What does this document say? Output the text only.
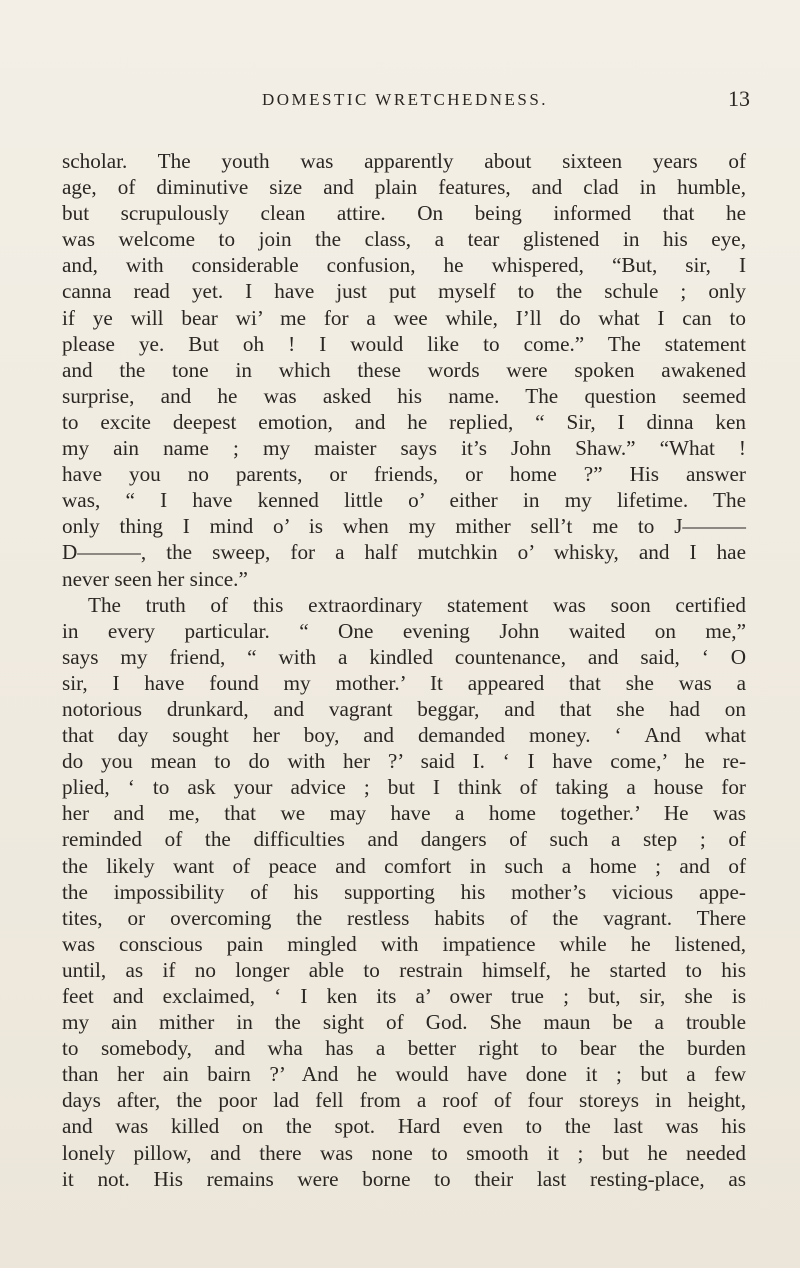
DOMESTIC WRETCHEDNESS.	13
scholar. The youth was apparently about sixteen years of
age, of diminutive size and plain features, and clad in humble,
but scrupulously clean attire. On being informed that he
was welcome to join the class, a tear glistened in his eye,
and, with considerable confusion, he whispered, “But, sir, I
canna read yet. I have just put myself to the schule ; only
if ye will bear wi’ me for a wee while, I’ll do what I can to
please ye. But oh ! I would like to come.” The statement
and the tone in which these words were spoken awakened
surprise, and he was asked his name. The question seemed
to excite deepest emotion, and he replied, “ Sir, I dinna ken
my ain name ; my maister says it’s John Shaw.” “What !
have you no parents, or friends, or home ?” His answer
was, “ I have kenned little o’ either in my lifetime. The
only thing I mind o’ is when my mither sell’t me to J———
D———, the sweep, for a half mutchkin o’ whisky, and I hae
never seen her since.”
The truth of this extraordinary statement was soon certified
in every particular. “ One evening John waited on me,”
says my friend, “ with a kindled countenance, and said, ‘ O
sir, I have found my mother.’ It appeared that she was a
notorious drunkard, and vagrant beggar, and that she had on
that day sought her boy, and demanded money. ‘ And what
do you mean to do with her ?’ said I. ‘ I have come,’ he re-
plied, ‘ to ask your advice ; but I think of taking a house for
her and me, that we may have a home together.’ He was
reminded of the difficulties and dangers of such a step ; of
the likely want of peace and comfort in such a home ; and of
the impossibility of his supporting his mother’s vicious appe-
tites, or overcoming the restless habits of the vagrant. There
was conscious pain mingled with impatience while he listened,
until, as if no longer able to restrain himself, he started to his
feet and exclaimed, ‘ I ken its a’ ower true ; but, sir, she is
my ain mither in the sight of God. She maun be a trouble
to somebody, and wha has a better right to bear the burden
than her ain bairn ?’ And he would have done it ; but a few
days after, the poor lad fell from a roof of four storeys in height,
and was killed on the spot. Hard even to the last was his
lonely pillow, and there was none to smooth it ; but he needed
it not. His remains were borne to their last resting-place, as
